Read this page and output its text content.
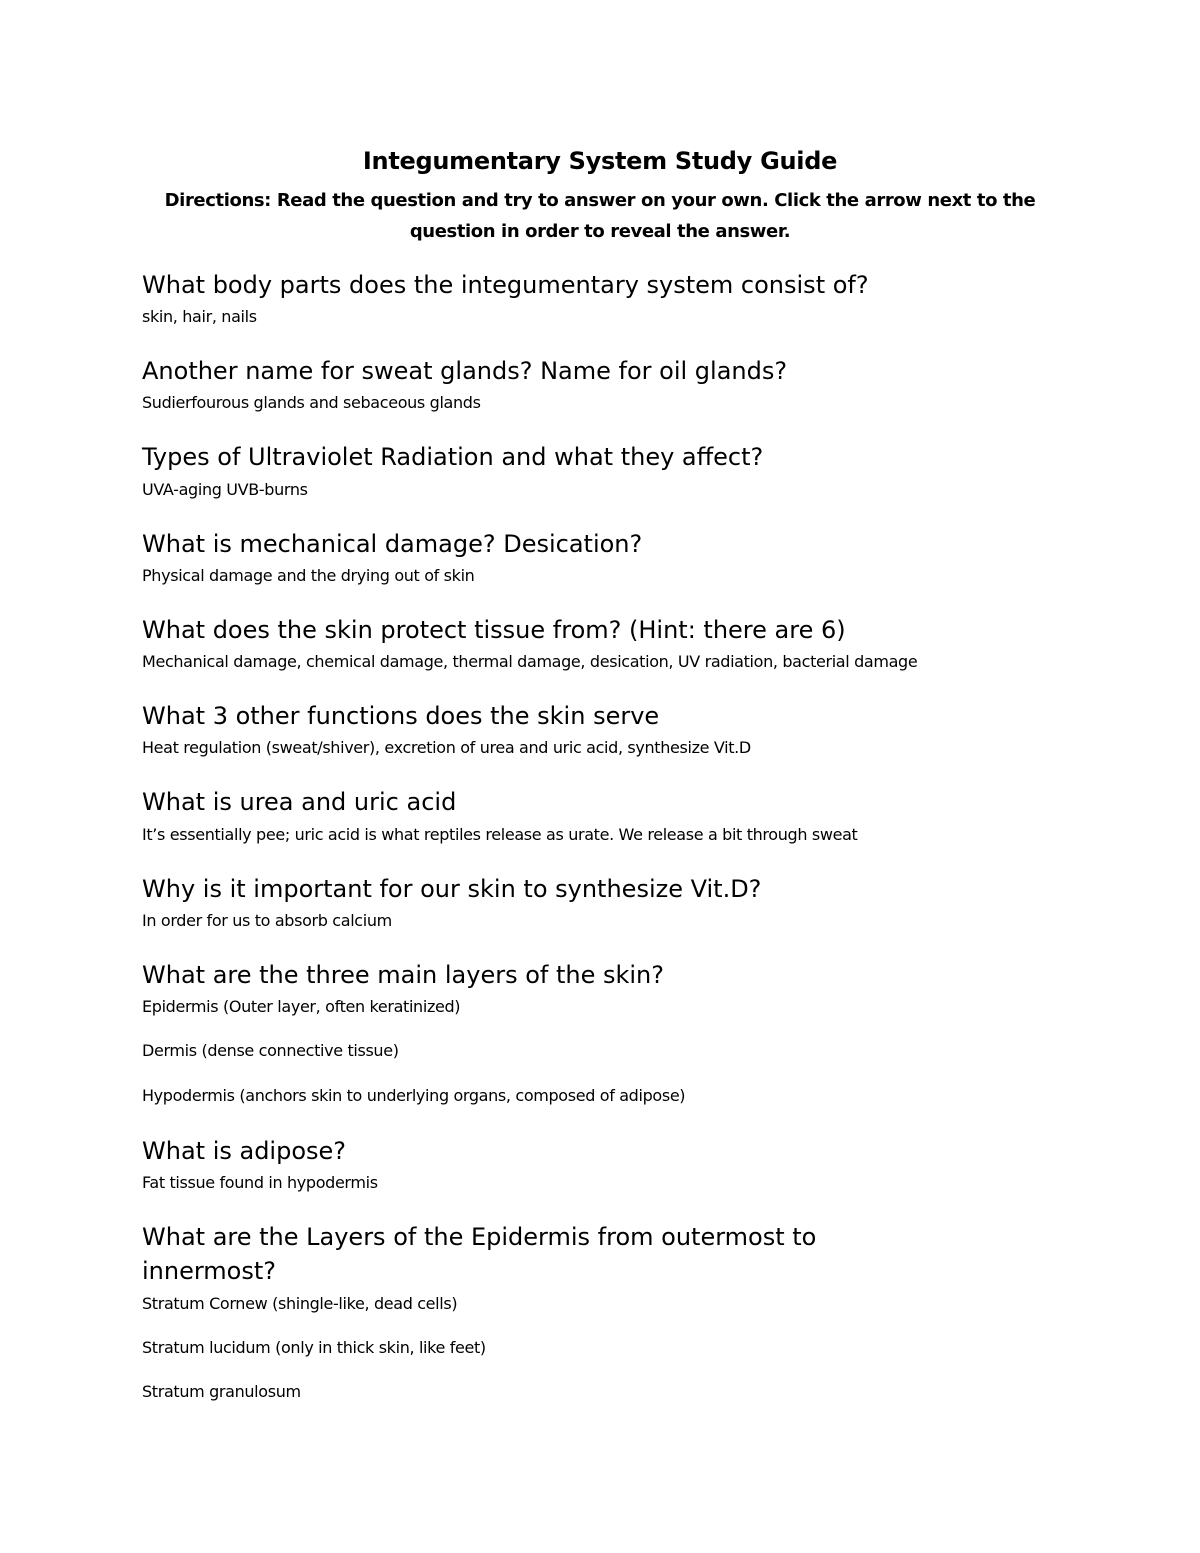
Integumentary System Study Guide
Directions: Read the question and try to answer on your own. Click the arrow next to the question in order to reveal the answer.
What body parts does the integumentary system consist of?
skin, hair, nails
Another name for sweat glands? Name for oil glands?
Sudierfourous glands and sebaceous glands
Types of Ultraviolet Radiation and what they affect?
UVA-aging UVB-burns
What is mechanical damage? Desication?
Physical damage and the drying out of skin
What does the skin protect tissue from? (Hint: there are 6)
Mechanical damage, chemical damage, thermal damage, desication, UV radiation, bacterial damage
What 3 other functions does the skin serve
Heat regulation (sweat/shiver), excretion of urea and uric acid, synthesize Vit.D
What is urea and uric acid
It’s essentially pee; uric acid is what reptiles release as urate. We release a bit through sweat
Why is it important for our skin to synthesize Vit.D?
In order for us to absorb calcium
What are the three main layers of the skin?
Epidermis (Outer layer, often keratinized)
Dermis (dense connective tissue)
Hypodermis (anchors skin to underlying organs, composed of adipose)
What is adipose?
Fat tissue found in hypodermis
What are the Layers of the Epidermis from outermost to innermost?
Stratum Cornew (shingle-like, dead cells)
Stratum lucidum (only in thick skin, like feet)
Stratum granulosum
